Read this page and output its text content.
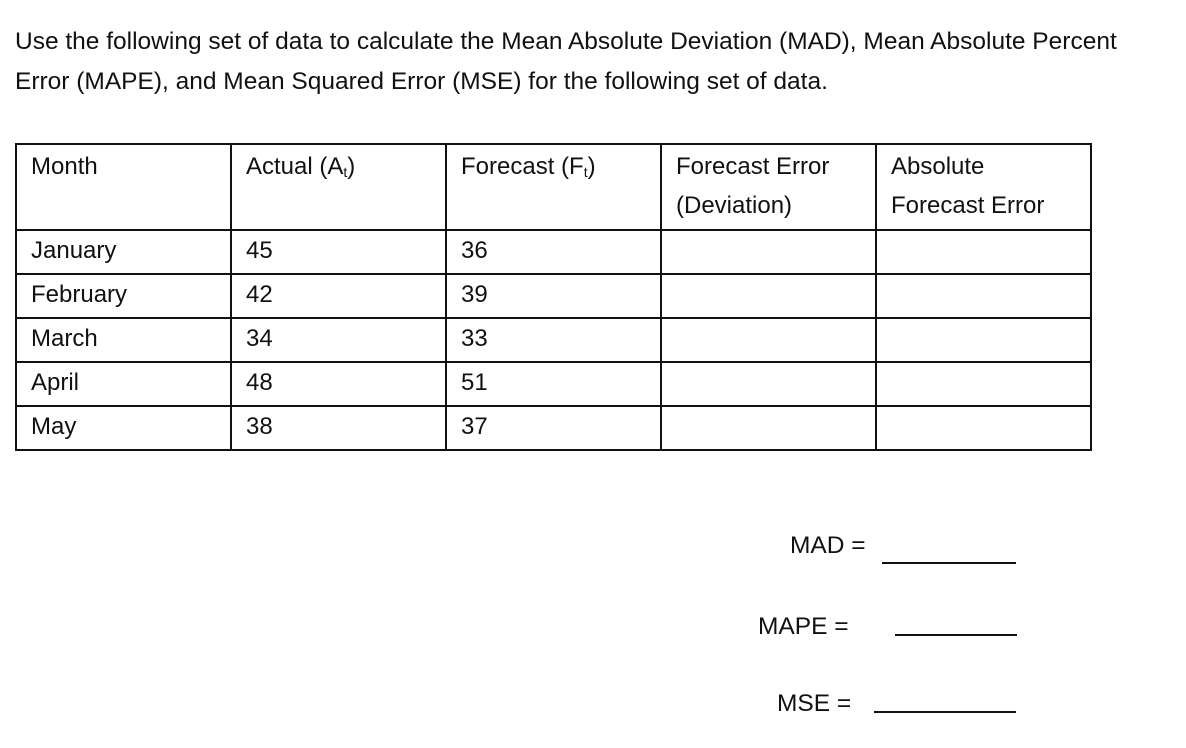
Use the following set of data to calculate the Mean Absolute Deviation (MAD), Mean Absolute Percent Error (MAPE), and Mean Squared Error (MSE) for the following set of data.

Month	Actual $(A_t)$	Forecast $(F_t)$	Forecast Error (Deviation)	Absolute Forecast Error
January	45	36		
February	42	39		
March	34	33		
April	48	51		
May	38	37		
MAD =
MAPE =
MSE =
